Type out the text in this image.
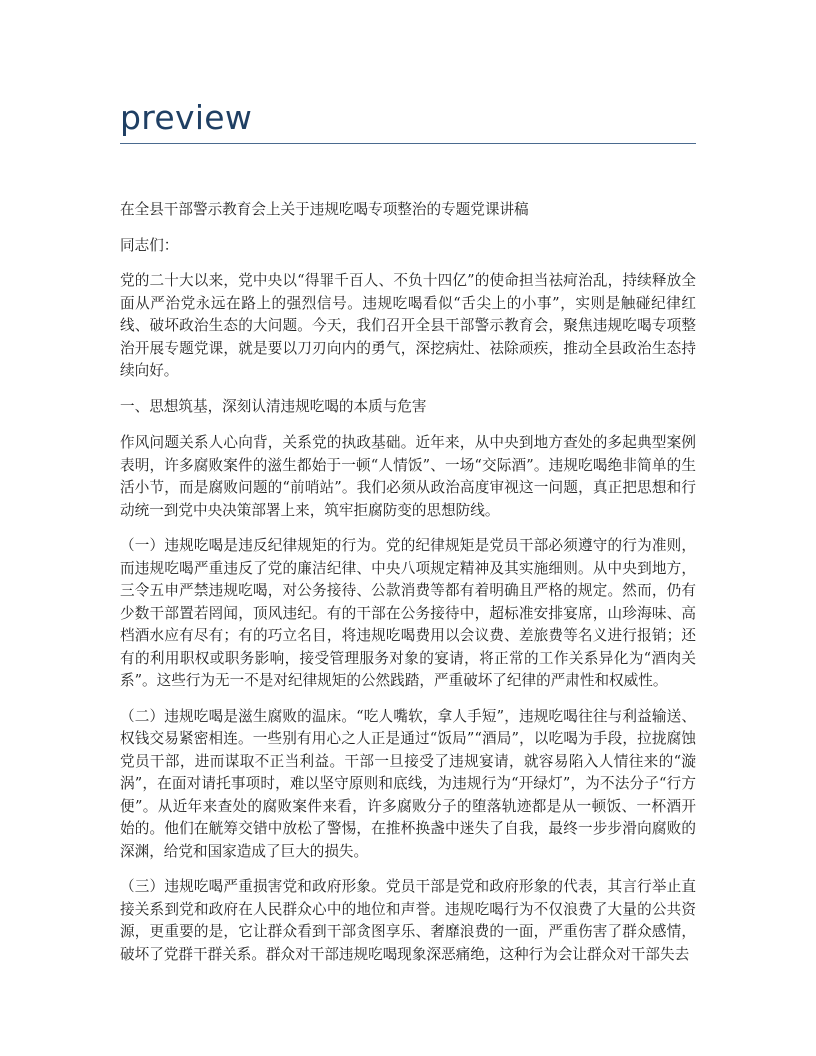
preview

在全县干部警示教育会上关于违规吃喝专项整治的专题党课讲稿

同志们：

党的二十大以来，党中央以“得罪千百人、不负十四亿”的使命担当祛疴治乱，持续释放全面从严治党永远在路上的强烈信号。违规吃喝看似“舌尖上的小事”，实则是触碰纪律红线、破坏政治生态的大问题。今天，我们召开全县干部警示教育会，聚焦违规吃喝专项整治开展专题党课，就是要以刀刃向内的勇气，深挖病灶、祛除顽疾，推动全县政治生态持续向好。

一、思想筑基，深刻认清违规吃喝的本质与危害

作风问题关系人心向背，关系党的执政基础。近年来，从中央到地方查处的多起典型案例表明，许多腐败案件的滋生都始于一顿“人情饭”、一场“交际酒”。违规吃喝绝非简单的生活小节，而是腐败问题的“前哨站”。我们必须从政治高度审视这一问题，真正把思想和行动统一到党中央决策部署上来，筑牢拒腐防变的思想防线。

（一）违规吃喝是违反纪律规矩的行为。党的纪律规矩是党员干部必须遵守的行为准则，而违规吃喝严重违反了党的廉洁纪律、中央八项规定精神及其实施细则。从中央到地方，三令五申严禁违规吃喝，对公务接待、公款消费等都有着明确且严格的规定。然而，仍有少数干部置若罔闻，顶风违纪。有的干部在公务接待中，超标准安排宴席，山珍海味、高档酒水应有尽有；有的巧立名目，将违规吃喝费用以会议费、差旅费等名义进行报销；还有的利用职权或职务影响，接受管理服务对象的宴请，将正常的工作关系异化为“酒肉关系”。这些行为无一不是对纪律规矩的公然践踏，严重破坏了纪律的严肃性和权威性。

（二）违规吃喝是滋生腐败的温床。“吃人嘴软，拿人手短”，违规吃喝往往与利益输送、权钱交易紧密相连。一些别有用心之人正是通过“饭局”“酒局”，以吃喝为手段，拉拢腐蚀党员干部，进而谋取不正当利益。干部一旦接受了违规宴请，就容易陷入人情往来的“漩涡”，在面对请托事项时，难以坚守原则和底线，为违规行为“开绿灯”，为不法分子“行方便”。从近年来查处的腐败案件来看，许多腐败分子的堕落轨迹都是从一顿饭、一杯酒开始的。他们在觥筹交错中放松了警惕，在推杯换盏中迷失了自我，最终一步步滑向腐败的深渊，给党和国家造成了巨大的损失。

（三）违规吃喝严重损害党和政府形象。党员干部是党和政府形象的代表，其言行举止直接关系到党和政府在人民群众心中的地位和声誉。违规吃喝行为不仅浪费了大量的公共资源，更重要的是，它让群众看到干部贪图享乐、奢靡浪费的一面，严重伤害了群众感情，破坏了党群干群关系。群众对干部违规吃喝现象深恶痛绝，这种行为会让群众对干部失去
